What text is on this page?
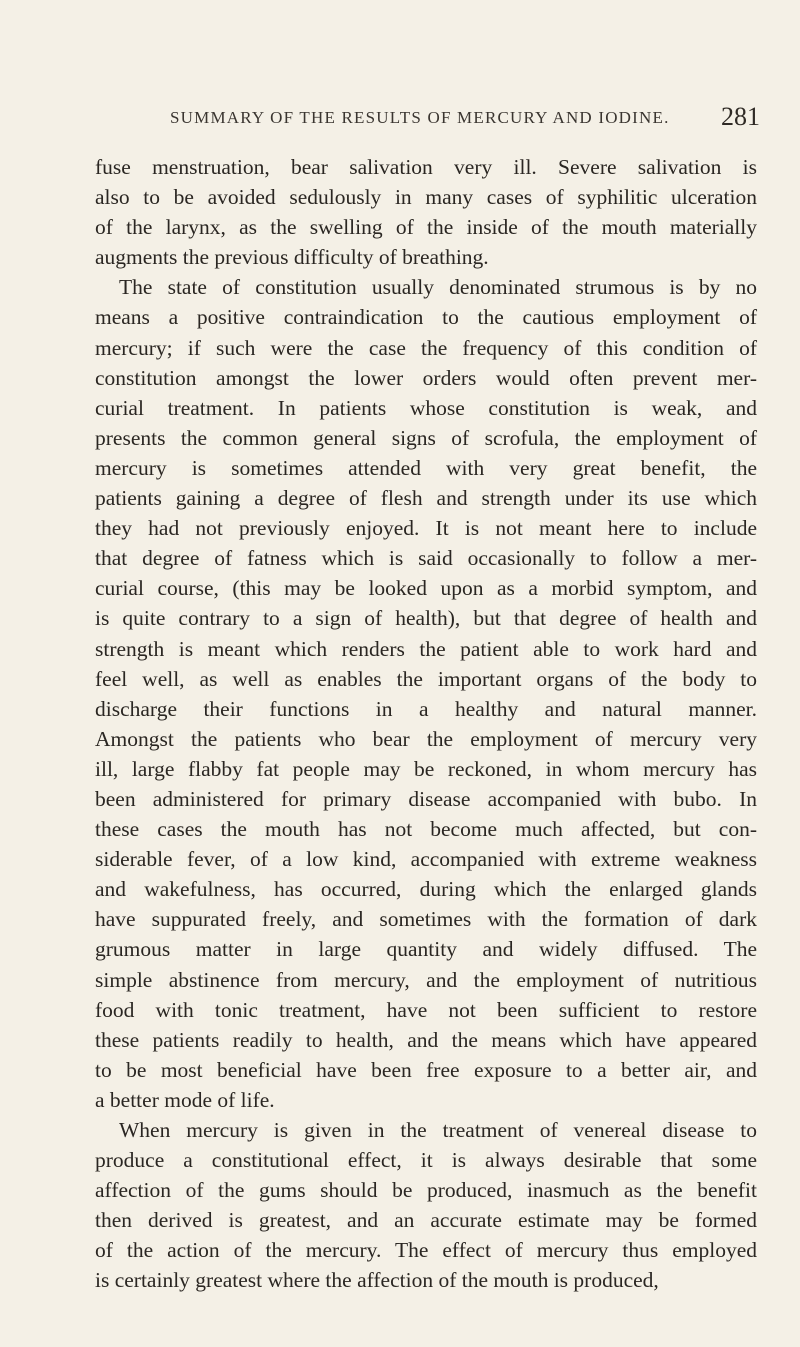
SUMMARY OF THE RESULTS OF MERCURY AND IODINE. 281
fuse menstruation, bear salivation very ill. Severe salivation is
also to be avoided sedulously in many cases of syphilitic ulceration
of the larynx, as the swelling of the inside of the mouth materially
augments the previous difficulty of breathing.
The state of constitution usually denominated strumous is by no
means a positive contraindication to the cautious employment of
mercury; if such were the case the frequency of this condition of
constitution amongst the lower orders would often prevent mer-
curial treatment. In patients whose constitution is weak, and
presents the common general signs of scrofula, the employment of
mercury is sometimes attended with very great benefit, the
patients gaining a degree of flesh and strength under its use which
they had not previously enjoyed. It is not meant here to include
that degree of fatness which is said occasionally to follow a mer-
curial course, (this may be looked upon as a morbid symptom, and
is quite contrary to a sign of health), but that degree of health and
strength is meant which renders the patient able to work hard and
feel well, as well as enables the important organs of the body to
discharge their functions in a healthy and natural manner.
Amongst the patients who bear the employment of mercury very
ill, large flabby fat people may be reckoned, in whom mercury has
been administered for primary disease accompanied with bubo. In
these cases the mouth has not become much affected, but con-
siderable fever, of a low kind, accompanied with extreme weakness
and wakefulness, has occurred, during which the enlarged glands
have suppurated freely, and sometimes with the formation of dark
grumous matter in large quantity and widely diffused. The
simple abstinence from mercury, and the employment of nutritious
food with tonic treatment, have not been sufficient to restore
these patients readily to health, and the means which have appeared
to be most beneficial have been free exposure to a better air, and
a better mode of life.
When mercury is given in the treatment of venereal disease to
produce a constitutional effect, it is always desirable that some
affection of the gums should be produced, inasmuch as the benefit
then derived is greatest, and an accurate estimate may be formed
of the action of the mercury. The effect of mercury thus employed
is certainly greatest where the affection of the mouth is produced,
